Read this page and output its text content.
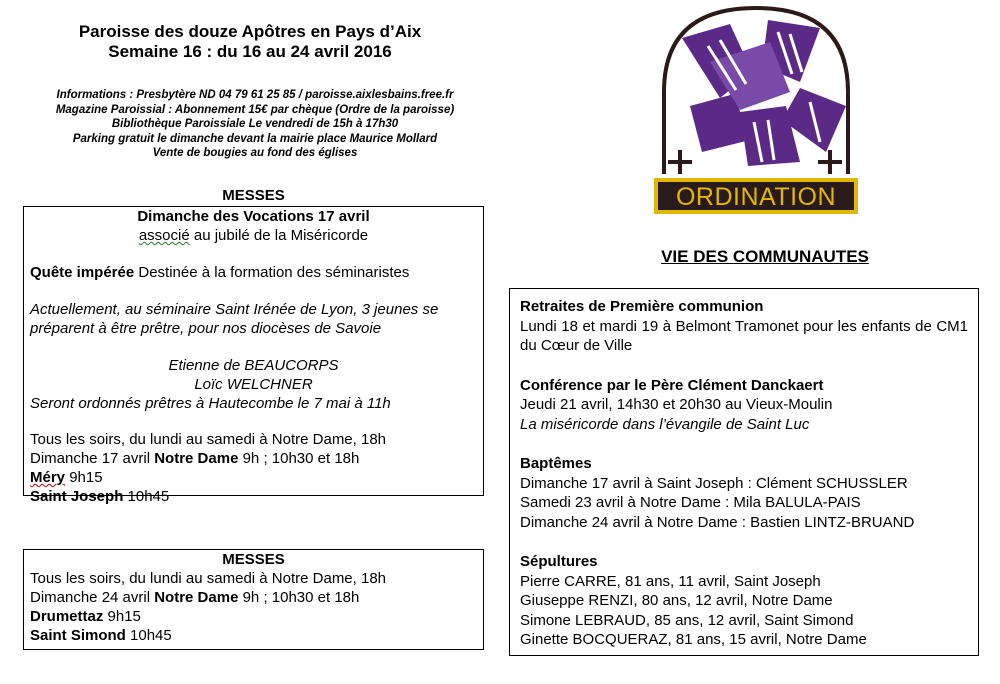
Paroisse des douze Apôtres en Pays d’Aix
Semaine 16 : du 16 au 24 avril 2016
Informations : Presbytère ND 04 79 61 25 85 / paroisse.aixlesbains.free.fr
Magazine Paroissial : Abonnement 15€ par chèque (Ordre de la paroisse)
Bibliothèque Paroissiale Le vendredi de 15h à 17h30
Parking gratuit le dimanche devant la mairie place Maurice Mollard
Vente de bougies au fond des églises
MESSES

Dimanche des Vocations 17 avril

associé au jubilé de la Miséricorde

Quête impérée Destinée à la formation des séminaristes

Actuellement, au séminaire Saint Irénée de Lyon, 3 jeunes se préparent à être prêtre, pour nos diocèses de Savoie

Etienne de BEAUCORPS

Loïc WELCHNER

Seront ordonnés prêtres à Hautecombe le 7 mai à 11h

Tous les soirs, du lundi au samedi à Notre Dame, 18h

Dimanche 17 avril Notre Dame 9h ; 10h30 et 18h

Méry 9h15

Saint Joseph 10h45

MESSES

Tous les soirs, du lundi au samedi à Notre Dame, 18h

Dimanche 24 avril Notre Dame 9h ; 10h30 et 18h

Drumettaz 9h15

Saint Simond 10h45

ORDINATION
VIE DES COMMUNAUTES

Retraites de Première communion

Lundi 18 et mardi 19 à Belmont Tramonet pour les enfants de CM1 du Cœur de Ville

Conférence par le Père Clément Danckaert

Jeudi 21 avril, 14h30 et 20h30 au Vieux-Moulin

La miséricorde dans l’évangile de Saint Luc

Baptêmes

Dimanche 17 avril à Saint Joseph : Clément SCHUSSLER

Samedi 23 avril à Notre Dame : Mila BALULA-PAIS

Dimanche 24 avril à Notre Dame : Bastien LINTZ-BRUAND

Sépultures

Pierre CARRE, 81 ans, 11 avril, Saint Joseph

Giuseppe RENZI, 80 ans, 12 avril, Notre Dame

Simone LEBRAUD, 85 ans, 12 avril, Saint Simond

Ginette BOCQUERAZ, 81 ans, 15 avril, Notre Dame
